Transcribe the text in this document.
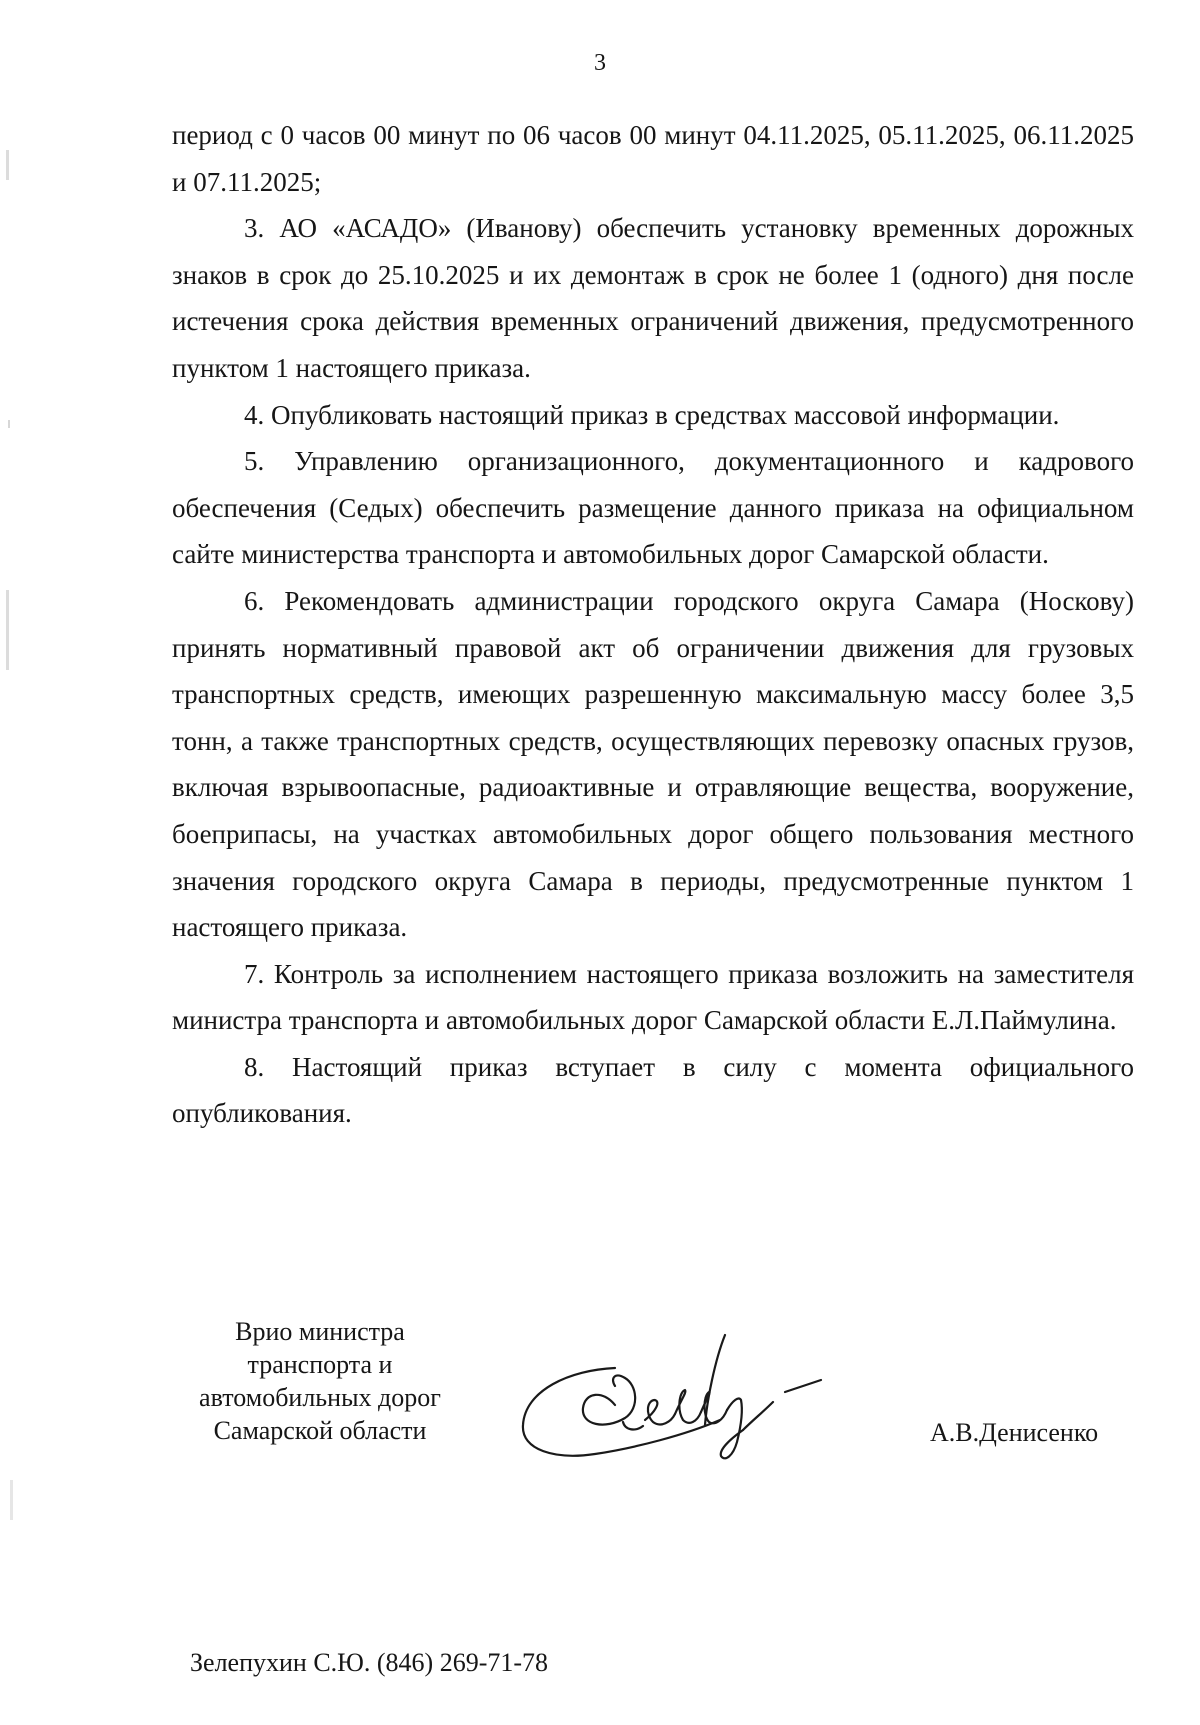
3

период с 0 часов 00 минут по 06 часов 00 минут 04.11.2025, 05.11.2025, 06.11.2025 и 07.11.2025;

3. АО «АСАДО» (Иванову) обеспечить установку временных дорожных знаков в срок до 25.10.2025 и их демонтаж в срок не более 1 (одного) дня после истечения срока действия временных ограничений движения, предусмотренного пунктом 1 настоящего приказа.

4. Опубликовать настоящий приказ в средствах массовой информации.

5. Управлению организационного, документационного и кадрового обеспечения (Седых) обеспечить размещение данного приказа на официальном сайте министерства транспорта и автомобильных дорог Самарской области.

6. Рекомендовать администрации городского округа Самара (Носкову) принять нормативный правовой акт об ограничении движения для грузовых транспортных средств, имеющих разрешенную максимальную массу более 3,5 тонн, а также транспортных средств, осуществляющих перевозку опасных грузов, включая взрывоопасные, радиоактивные и отравляющие вещества, вооружение, боеприпасы, на участках автомобильных дорог общего пользования местного значения городского округа Самара в периоды, предусмотренные пунктом 1 настоящего приказа.

7. Контроль за исполнением настоящего приказа возложить на заместителя министра транспорта и автомобильных дорог Самарской области Е.Л.Паймулина.

8. Настоящий приказ вступает в силу с момента официального опубликования.

Врио министра
транспорта и
автомобильных дорог
Самарской области	А.В.Денисенко
Зелепухин С.Ю. (846) 269-71-78
